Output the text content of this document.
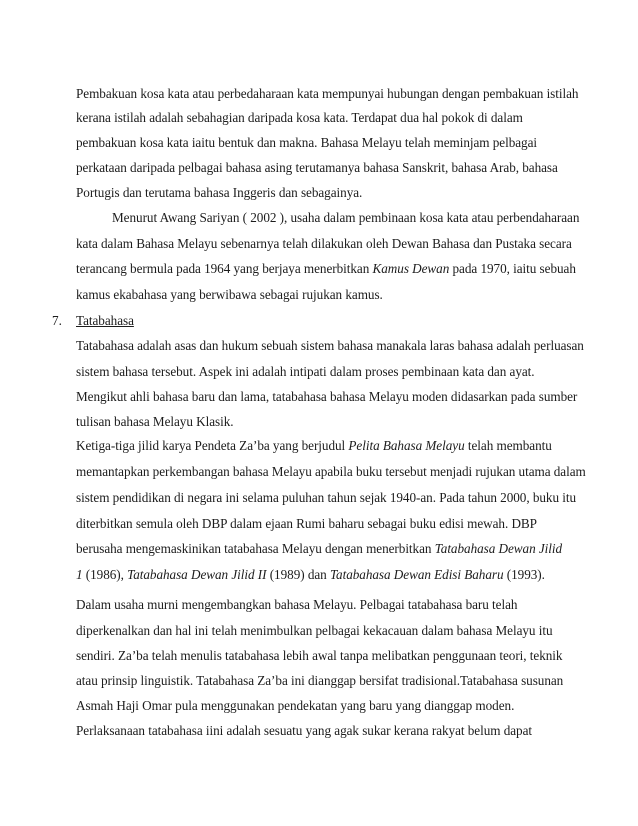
Pembakuan kosa kata atau perbedaharaan kata mempunyai hubungan dengan pembakuan istilah
kerana istilah adalah sebahagian daripada kosa kata. Terdapat dua hal pokok di dalam
pembakuan kosa kata iaitu bentuk dan makna. Bahasa Melayu telah meminjam pelbagai
perkataan daripada pelbagai bahasa asing terutamanya bahasa Sanskrit, bahasa Arab, bahasa
Portugis dan terutama bahasa Inggeris dan sebagainya.
Menurut Awang Sariyan ( 2002 ), usaha dalam pembinaan kosa kata atau perbendaharaan
kata dalam Bahasa Melayu sebenarnya telah dilakukan oleh Dewan Bahasa dan Pustaka secara
terancang bermula pada 1964 yang berjaya menerbitkan Kamus Dewan pada 1970, iaitu sebuah
kamus ekabahasa yang berwibawa sebagai rujukan kamus.
7. Tatabahasa
Tatabahasa adalah asas dan hukum sebuah sistem bahasa manakala laras bahasa adalah perluasan
sistem bahasa tersebut. Aspek ini adalah intipati dalam proses pembinaan kata dan ayat.
Mengikut ahli bahasa baru dan lama, tatabahasa bahasa Melayu moden didasarkan pada sumber
tulisan bahasa Melayu Klasik.
Ketiga-tiga jilid karya Pendeta Za’ba yang berjudul Pelita Bahasa Melayu telah membantu
memantapkan perkembangan bahasa Melayu apabila buku tersebut menjadi rujukan utama dalam
sistem pendidikan di negara ini selama puluhan tahun sejak 1940-an. Pada tahun 2000, buku itu
diterbitkan semula oleh DBP dalam ejaan Rumi baharu sebagai buku edisi mewah. DBP
berusaha mengemaskinikan tatabahasa Melayu dengan menerbitkan Tatabahasa Dewan Jilid
1 (1986), Tatabahasa Dewan Jilid II (1989) dan Tatabahasa Dewan Edisi Baharu (1993).
Dalam usaha murni mengembangkan bahasa Melayu. Pelbagai tatabahasa baru telah
diperkenalkan dan hal ini telah menimbulkan pelbagai kekacauan dalam bahasa Melayu itu
sendiri. Za’ba telah menulis tatabahasa lebih awal tanpa melibatkan penggunaan teori, teknik
atau prinsip linguistik. Tatabahasa Za’ba ini dianggap bersifat tradisional.Tatabahasa susunan
Asmah Haji Omar pula menggunakan pendekatan yang baru yang dianggap moden.
Perlaksanaan tatabahasa iini adalah sesuatu yang agak sukar kerana rakyat belum dapat
